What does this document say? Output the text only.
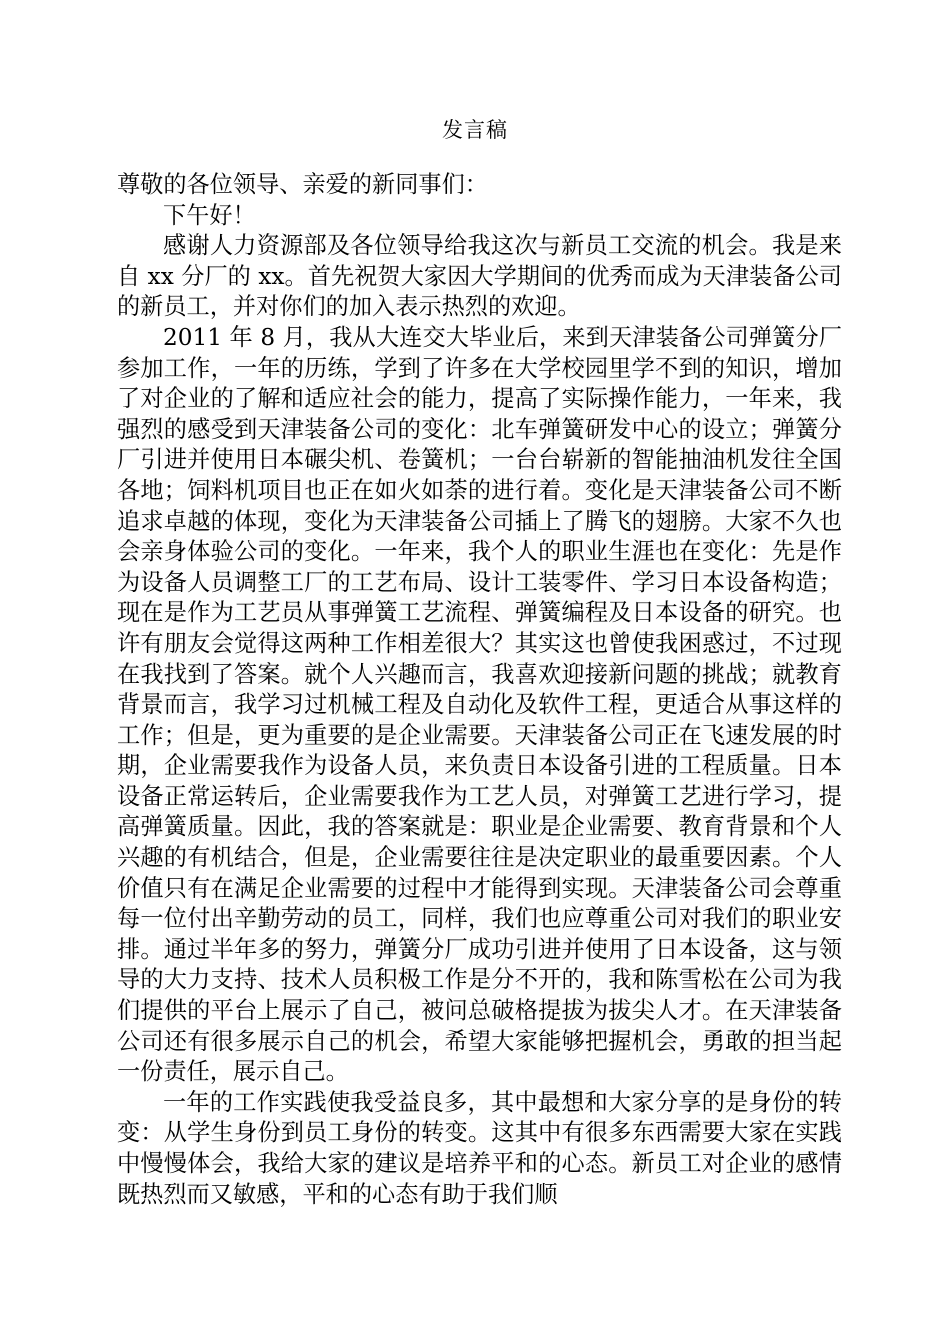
发言稿

尊敬的各位领导、亲爱的新同事们：

下午好！

感谢人力资源部及各位领导给我这次与新员工交流的机会。我是来自 xx 分厂的 xx。首先祝贺大家因大学期间的优秀而成为天津装备公司的新员工，并对你们的加入表示热烈的欢迎。

2011 年 8 月，我从大连交大毕业后，来到天津装备公司弹簧分厂参加工作，一年的历练，学到了许多在大学校园里学不到的知识，增加了对企业的了解和适应社会的能力，提高了实际操作能力，一年来，我强烈的感受到天津装备公司的变化：北车弹簧研发中心的设立；弹簧分厂引进并使用日本碾尖机、卷簧机；一台台崭新的智能抽油机发往全国各地；饲料机项目也正在如火如荼的进行着。变化是天津装备公司不断追求卓越的体现，变化为天津装备公司插上了腾飞的翅膀。大家不久也会亲身体验公司的变化。一年来，我个人的职业生涯也在变化：先是作为设备人员调整工厂的工艺布局、设计工装零件、学习日本设备构造；现在是作为工艺员从事弹簧工艺流程、弹簧编程及日本设备的研究。也许有朋友会觉得这两种工作相差很大？其实这也曾使我困惑过，不过现在我找到了答案。就个人兴趣而言，我喜欢迎接新问题的挑战；就教育背景而言，我学习过机械工程及自动化及软件工程，更适合从事这样的工作；但是，更为重要的是企业需要。天津装备公司正在飞速发展的时期，企业需要我作为设备人员，来负责日本设备引进的工程质量。日本设备正常运转后，企业需要我作为工艺人员，对弹簧工艺进行学习，提高弹簧质量。因此，我的答案就是：职业是企业需要、教育背景和个人兴趣的有机结合，但是，企业需要往往是决定职业的最重要因素。个人价值只有在满足企业需要的过程中才能得到实现。天津装备公司会尊重每一位付出辛勤劳动的员工，同样，我们也应尊重公司对我们的职业安排。通过半年多的努力，弹簧分厂成功引进并使用了日本设备，这与领导的大力支持、技术人员积极工作是分不开的，我和陈雪松在公司为我们提供的平台上展示了自己，被问总破格提拔为拔尖人才。在天津装备公司还有很多展示自己的机会，希望大家能够把握机会，勇敢的担当起一份责任，展示自己。

一年的工作实践使我受益良多，其中最想和大家分享的是身份的转变：从学生身份到员工身份的转变。这其中有很多东西需要大家在实践中慢慢体会，我给大家的建议是培养平和的心态。新员工对企业的感情既热烈而又敏感，平和的心态有助于我们顺
